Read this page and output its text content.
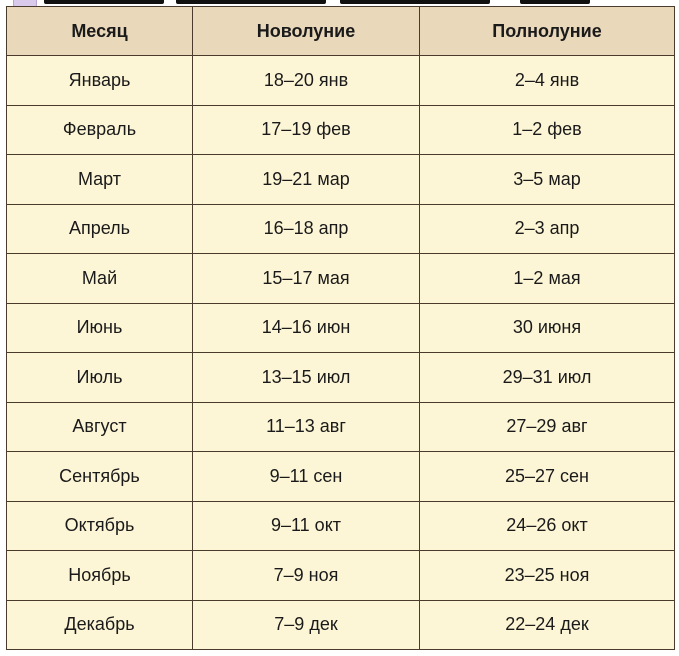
Месяц	Новолуние	Полнолуние
Январь	18–20 янв	2–4 янв
Февраль	17–19 фев	1–2 фев
Март	19–21 мар	3–5 мар
Апрель	16–18 апр	2–3 апр
Май	15–17 мая	1–2 мая
Июнь	14–16 июн	30 июня
Июль	13–15 июл	29–31 июл
Август	11–13 авг	27–29 авг
Сентябрь	9–11 сен	25–27 сен
Октябрь	9–11 окт	24–26 окт
Ноябрь	7–9 ноя	23–25 ноя
Декабрь	7–9 дек	22–24 дек
